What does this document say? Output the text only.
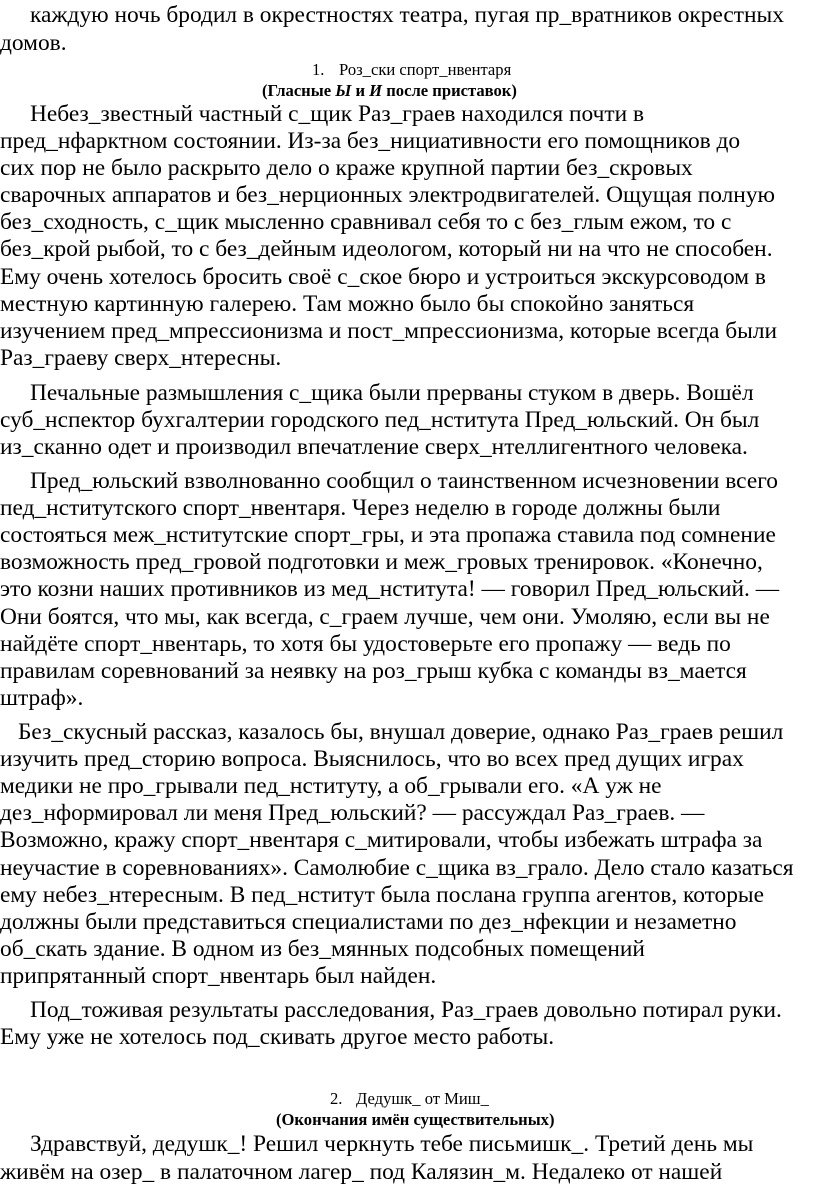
каждую ночь бродил в окрестностях театра, пугая пр_вратников окрестных
домов.
1. Роз_ски спорт_нвентаря
(Гласные Ы и И после приставок)
Небез_звестный частный с_щик Раз_граев находился почти в
пред_нфарктном состоянии. Из-за без_нициативности его помощников до
сих пор не было раскрыто дело о краже крупной партии без_скровых
сварочных аппаратов и без_нерционных электродвигателей. Ощущая полную
без_сходность, с_щик мысленно сравнивал себя то с без_глым ежом, то с
без_крой рыбой, то с без_дейным идеологом, который ни на что не способен.
Ему очень хотелось бросить своё с_ское бюро и устроиться экскурсоводом в
местную картинную галерею. Там можно было бы спокойно заняться
изучением пред_мпрессионизма и пост_мпрессионизма, которые всегда были
Раз_граеву сверх_нтересны.
Печальные размышления с_щика были прерваны стуком в дверь. Вошёл
суб_нспектор бухгалтерии городского пед_нститута Пред_юльский. Он был
из_сканно одет и производил впечатление сверх_нтеллигентного человека.
Пред_юльский взволнованно сообщил о таинственном исчезновении всего
пед_нститутского спорт_нвентаря. Через неделю в городе должны были
состояться меж_нститутские спорт_гры, и эта пропажа ставила под сомнение
возможность пред_гровой подготовки и меж_гровых тренировок. «Конечно,
это козни наших противников из мед_нститута! — говорил Пред_юльский. —
Они боятся, что мы, как всегда, с_граем лучше, чем они. Умоляю, если вы не
найдёте спорт_нвентарь, то хотя бы удостоверьте его пропажу — ведь по
правилам соревнований за неявку на роз_грыш кубка с команды вз_мается
штраф».
Без_скусный рассказ, казалось бы, внушал доверие, однако Раз_граев решил
изучить пред_сторию вопроса. Выяснилось, что во всех пред дущих играх
медики не про_грывали пед_нституту, а об_грывали его. «А уж не
дез_нформировал ли меня Пред_юльский? — рассуждал Раз_граев. —
Возможно, кражу спорт_нвентаря с_митировали, чтобы избежать штрафа за
неучастие в соревнованиях». Самолюбие с_щика вз_грало. Дело стало казаться
ему небез_нтересным. В пед_нститут была послана группа агентов, которые
должны были представиться специалистами по дез_нфекции и незаметно
об_скать здание. В одном из без_мянных подсобных помещений
припрятанный спорт_нвентарь был найден.
Под_тоживая результаты расследования, Раз_граев довольно потирал руки.
Ему уже не хотелось под_скивать другое место работы.
2. Дедушк_ от Миш_
(Окончания имён существительных)
Здравствуй, дедушк_! Решил черкнуть тебе письмишк_. Третий день мы
живём на озер_ в палаточном лагер_ под Калязин_м. Недалеко от нашей
